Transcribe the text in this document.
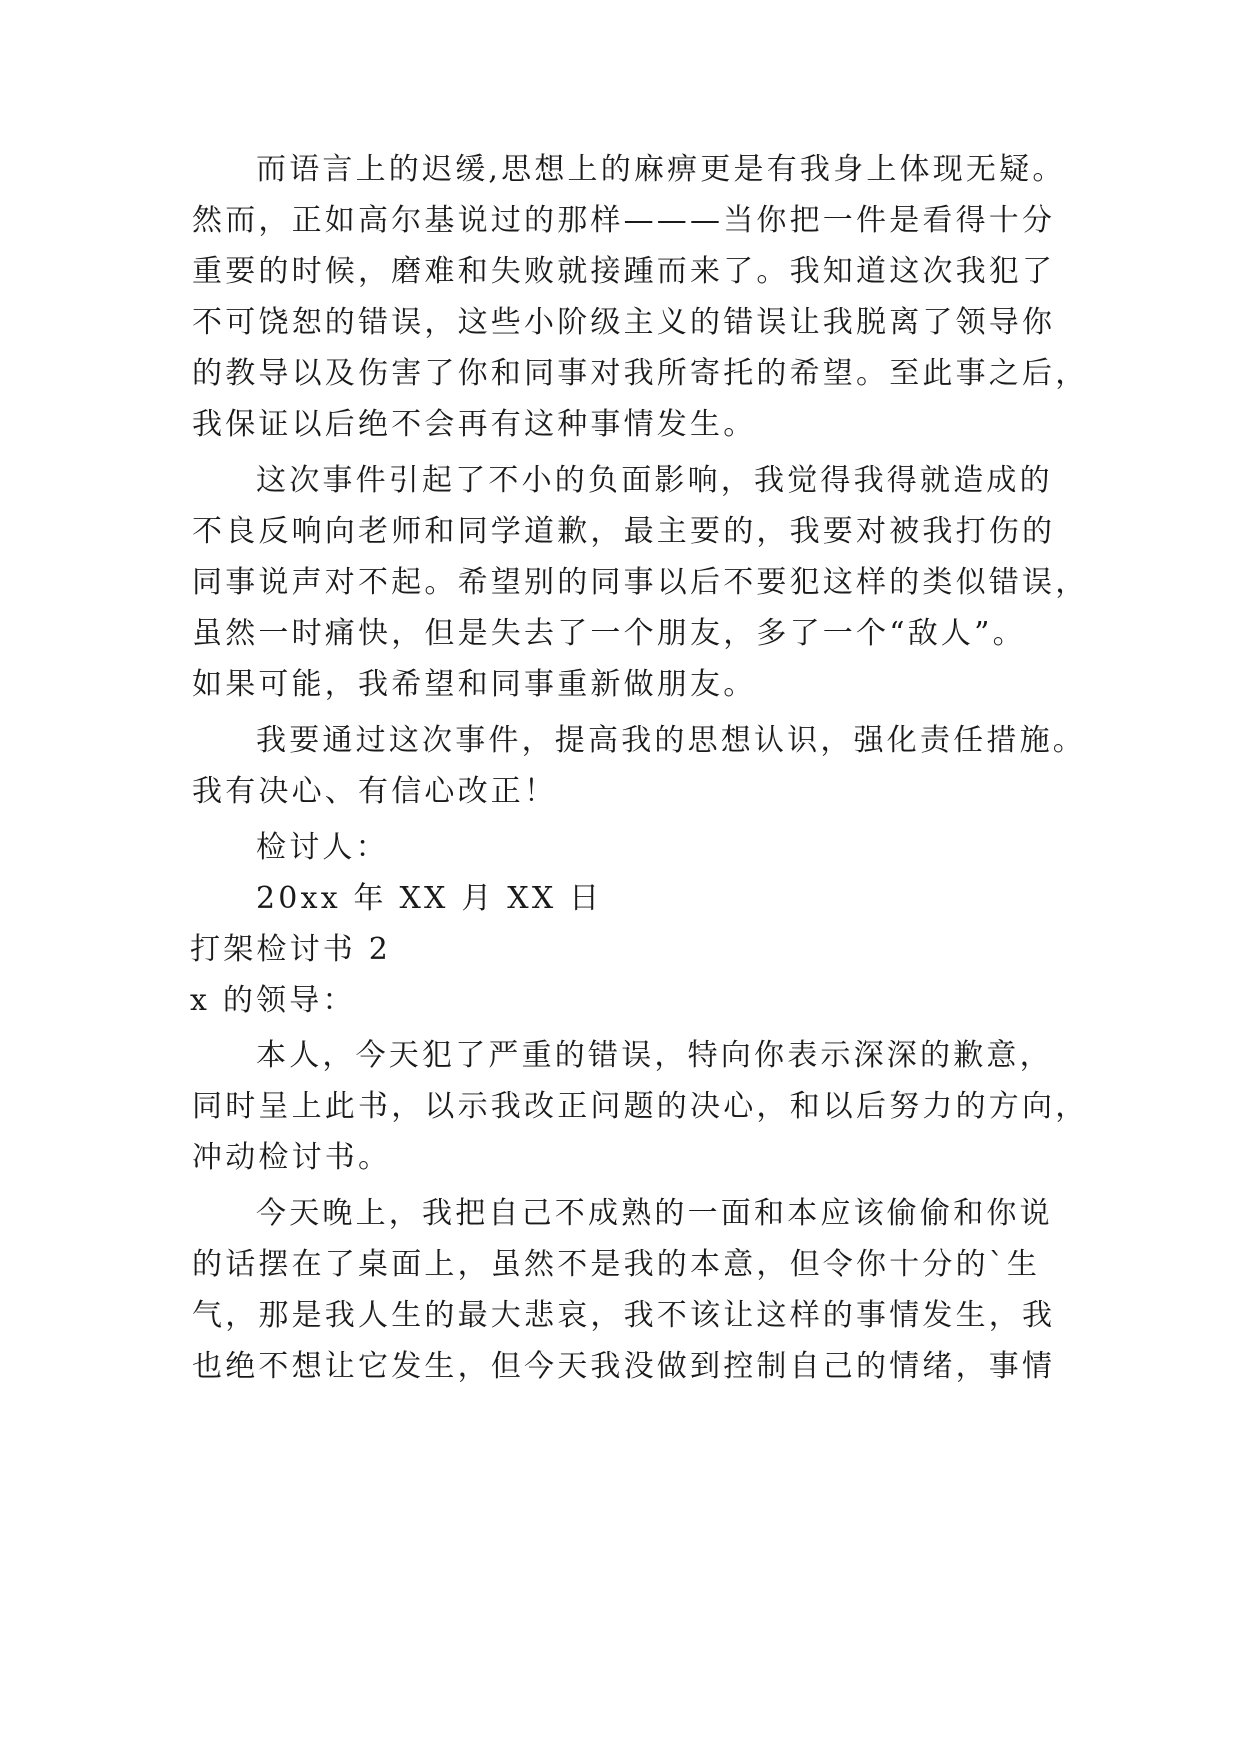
而语言上的迟缓,思想上的麻痹更是有我身上体现无疑。
然而，正如高尔基说过的那样———当你把一件是看得十分
重要的时候，磨难和失败就接踵而来了。我知道这次我犯了
不可饶恕的错误，这些小阶级主义的错误让我脱离了领导你
的教导以及伤害了你和同事对我所寄托的希望。至此事之后，
我保证以后绝不会再有这种事情发生。
这次事件引起了不小的负面影响，我觉得我得就造成的
不良反响向老师和同学道歉，最主要的，我要对被我打伤的
同事说声对不起。希望别的同事以后不要犯这样的类似错误，
虽然一时痛快，但是失去了一个朋友，多了一个“敌人”。
如果可能，我希望和同事重新做朋友。
我要通过这次事件，提高我的思想认识，强化责任措施。
我有决心、有信心改正！
检讨人：
20xx 年 XX 月 XX 日
打架检讨书 2
x 的领导：
本人，今天犯了严重的错误，特向你表示深深的歉意，
同时呈上此书，以示我改正问题的决心，和以后努力的方向，
冲动检讨书。
今天晚上，我把自己不成熟的一面和本应该偷偷和你说
的话摆在了桌面上，虽然不是我的本意，但令你十分的`生
气，那是我人生的最大悲哀，我不该让这样的事情发生，我
也绝不想让它发生，但今天我没做到控制自己的情绪，事情
